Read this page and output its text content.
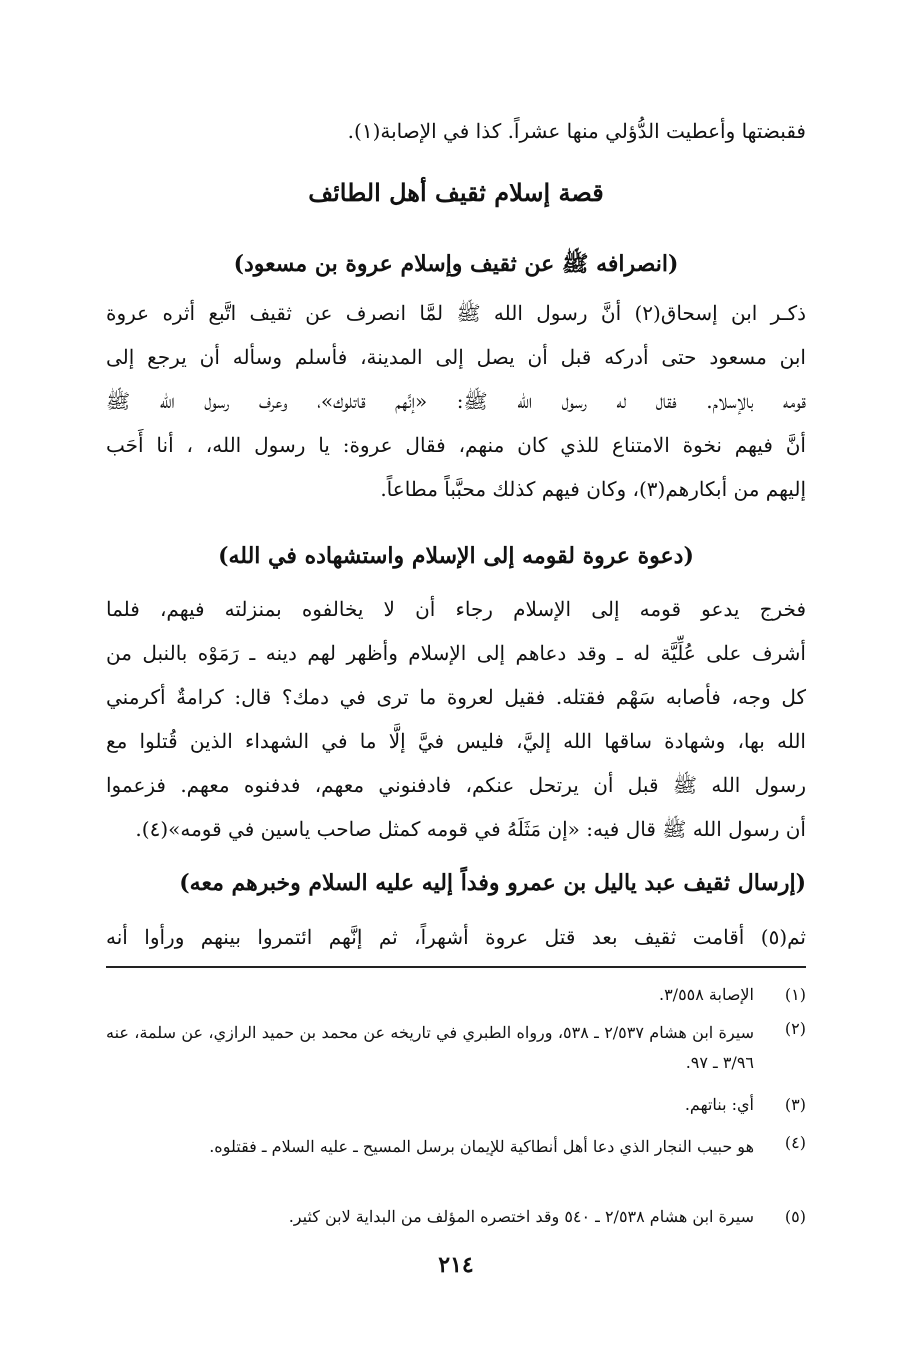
فقبضتها وأعطيت الدُّؤلي منها عشراً. كذا في الإصابة(١).
قصة إسلام ثقيف أهل الطائف
(انصرافه ﷺ عن ثقيف وإسلام عروة بن مسعود)
ذكـر ابن إسحاق(٢) أنَّ رسول الله ﷺ لمَّا انصرف عن ثقيف اتَّبع أثره عروة
ابن مسعود حتى أدركه قبل أن يصل إلى المدينة، فأسلم وسأله أن يرجع إلى
قومه بالإسلام. فقال له رسول الله ﷺ: «إنَّهم قاتلوك»، وعرف رسول الله ﷺ
أنَّ فيهم نخوة الامتناع للذي كان منهم، فقال عروة: يا رسول الله، ، أنا أَحَب
إليهم من أبكارهم(٣)، وكان فيهم كذلك محبَّباً مطاعاً.
(دعوة عروة لقومه إلى الإسلام واستشهاده في الله)
فخرج يدعو قومه إلى الإسلام رجاء أن لا يخالفوه بمنزلته فيهم، فلما
أشرف على عُلِّيَّة له ـ وقد دعاهم إلى الإسلام وأظهر لهم دينه ـ رَمَوْه بالنبل من
كل وجه، فأصابه سَهْم فقتله. فقيل لعروة ما ترى في دمك؟ قال: كرامةٌ أكرمني
الله بها، وشهادة ساقها الله إليَّ، فليس فيَّ إلَّا ما في الشهداء الذين قُتلوا مع
رسول الله ﷺ قبل أن يرتحل عنكم، فادفنوني معهم، فدفنوه معهم. فزعموا
أن رسول الله ﷺ قال فيه: «إن مَثَلَهُ في قومه كمثل صاحب ياسين في قومه»(٤).
(إرسال ثقيف عبد ياليل بن عمرو وفداً إليه عليه السلام وخبرهم معه)
ثم(٥) أقامت ثقيف بعد قتل عروة أشهراً، ثم إنَّهم ائتمروا بينهم ورأوا أنه
(١)
الإصابة ٣/٥٥٨.
(٢)
سيرة ابن هشام ٢/٥٣٧ ـ ٥٣٨، ورواه الطبري في تاريخه عن محمد بن حميد الرازي، عن سلمة، عنه ٣/٩٦ ـ ٩٧.
(٣)
أي: بناتهم.
(٤)
هو حبيب النجار الذي دعا أهل أنطاكية للإيمان برسل المسيح ـ عليه السلام ـ فقتلوه.
(٥)
سيرة ابن هشام ٢/٥٣٨ ـ ٥٤٠ وقد اختصره المؤلف من البداية لابن كثير.
٢١٤
